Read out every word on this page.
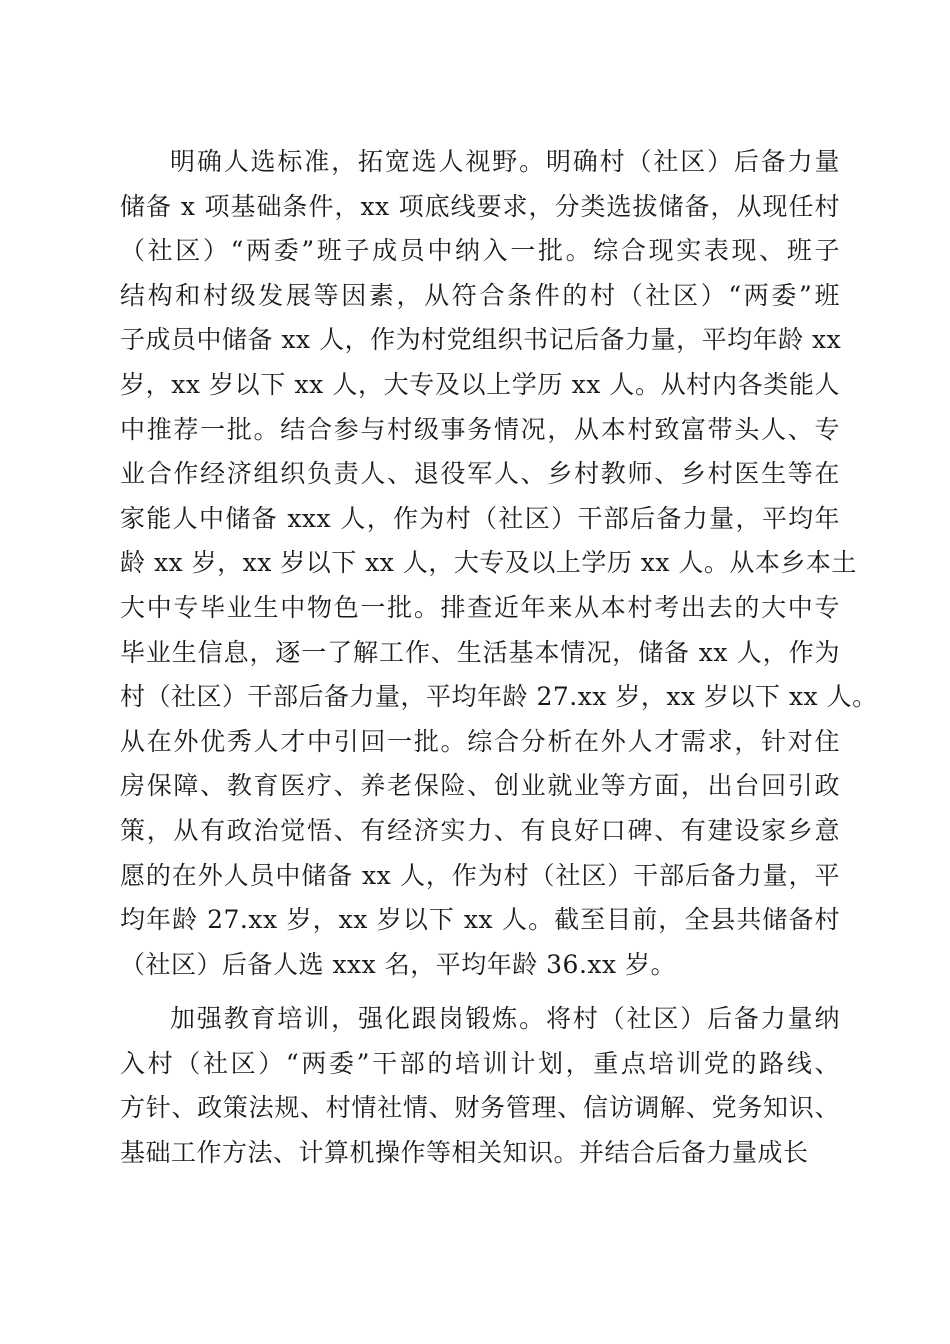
明确人选标准，拓宽选人视野。明确村（社区）后备力量
储备 x 项基础条件，xx 项底线要求，分类选拔储备，从现任村
（社区）“两委”班子成员中纳入一批。综合现实表现、班子
结构和村级发展等因素，从符合条件的村（社区）“两委”班
子成员中储备 xx 人，作为村党组织书记后备力量，平均年龄 xx
岁，xx 岁以下 xx 人，大专及以上学历 xx 人。从村内各类能人
中推荐一批。结合参与村级事务情况，从本村致富带头人、专
业合作经济组织负责人、退役军人、乡村教师、乡村医生等在
家能人中储备 xxx 人，作为村（社区）干部后备力量，平均年
龄 xx 岁，xx 岁以下 xx 人，大专及以上学历 xx 人。从本乡本土
大中专毕业生中物色一批。排查近年来从本村考出去的大中专
毕业生信息，逐一了解工作、生活基本情况，储备 xx 人，作为
村（社区）干部后备力量，平均年龄 27.xx 岁，xx 岁以下 xx 人。
从在外优秀人才中引回一批。综合分析在外人才需求，针对住
房保障、教育医疗、养老保险、创业就业等方面，出台回引政
策，从有政治觉悟、有经济实力、有良好口碑、有建设家乡意
愿的在外人员中储备 xx 人，作为村（社区）干部后备力量，平
均年龄 27.xx 岁，xx 岁以下 xx 人。截至目前，全县共储备村
（社区）后备人选 xxx 名，平均年龄 36.xx 岁。
加强教育培训，强化跟岗锻炼。将村（社区）后备力量纳
入村（社区）“两委”干部的培训计划，重点培训党的路线、
方针、政策法规、村情社情、财务管理、信访调解、党务知识、
基础工作方法、计算机操作等相关知识。并结合后备力量成长
